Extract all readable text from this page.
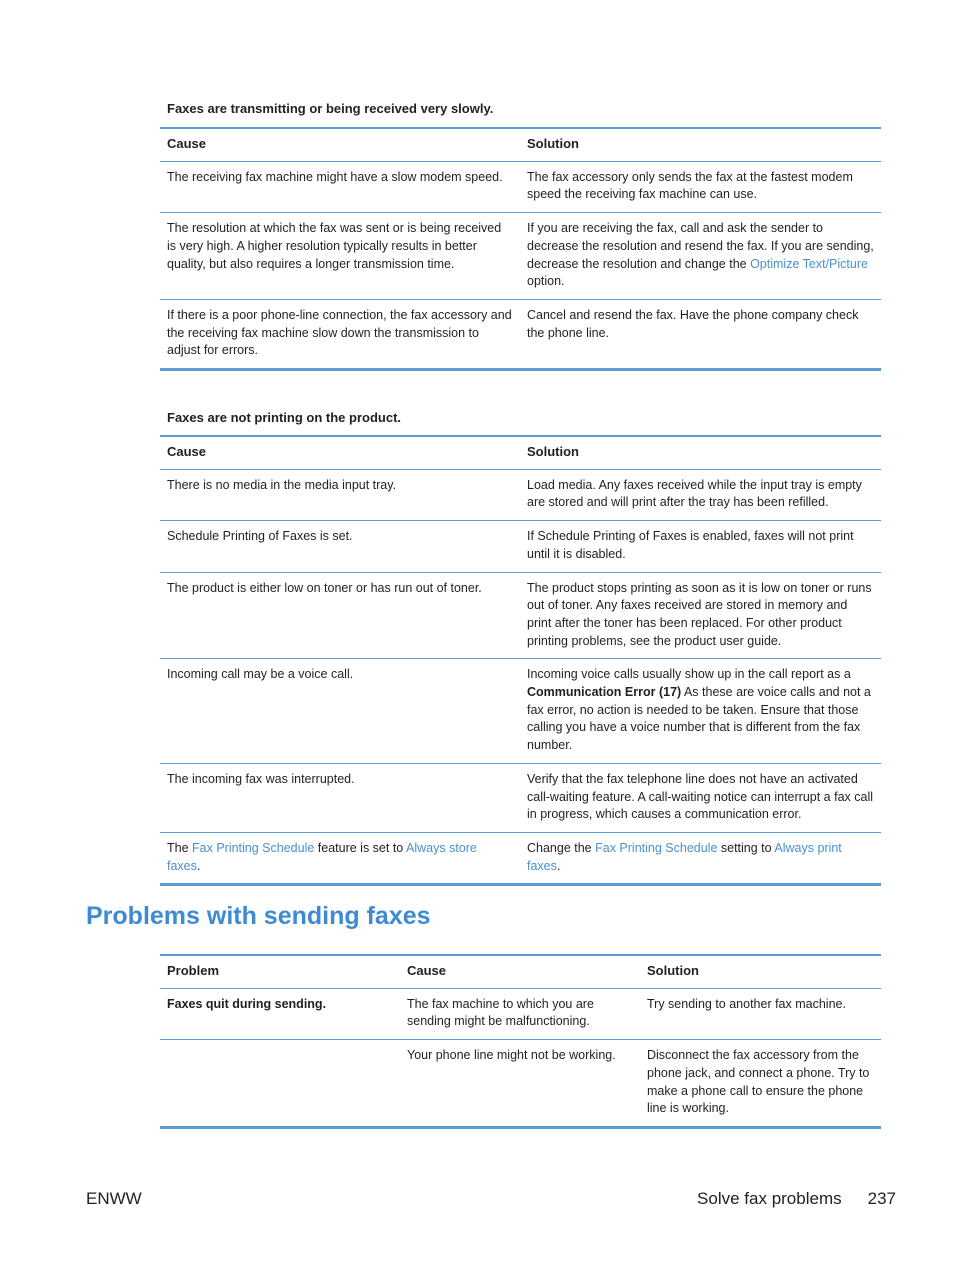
Faxes are transmitting or being received very slowly.
Cause	Solution
The receiving fax machine might have a slow modem speed.	The fax accessory only sends the fax at the fastest modem speed the receiving fax machine can use.
The resolution at which the fax was sent or is being received is very high. A higher resolution typically results in better quality, but also requires a longer transmission time.	If you are receiving the fax, call and ask the sender to decrease the resolution and resend the fax. If you are sending, decrease the resolution and change the Optimize Text/Picture option.
If there is a poor phone-line connection, the fax accessory and the receiving fax machine slow down the transmission to adjust for errors.	Cancel and resend the fax. Have the phone company check the phone line.
Faxes are not printing on the product.
Cause	Solution
There is no media in the media input tray.	Load media. Any faxes received while the input tray is empty are stored and will print after the tray has been refilled.
Schedule Printing of Faxes is set.	If Schedule Printing of Faxes is enabled, faxes will not print until it is disabled.
The product is either low on toner or has run out of toner.	The product stops printing as soon as it is low on toner or runs out of toner. Any faxes received are stored in memory and print after the toner has been replaced. For other product printing problems, see the product user guide.
Incoming call may be a voice call.	Incoming voice calls usually show up in the call report as a Communication Error (17) As these are voice calls and not a fax error, no action is needed to be taken. Ensure that those calling you have a voice number that is different from the fax number.
The incoming fax was interrupted.	Verify that the fax telephone line does not have an activated call-waiting feature. A call-waiting notice can interrupt a fax call in progress, which causes a communication error.
The Fax Printing Schedule feature is set to Always store faxes.	Change the Fax Printing Schedule setting to Always print faxes.
Problems with sending faxes
Problem	Cause	Solution
Faxes quit during sending.	The fax machine to which you are sending might be malfunctioning.	Try sending to another fax machine.
	Your phone line might not be working.	Disconnect the fax accessory from the phone jack, and connect a phone. Try to make a phone call to ensure the phone line is working.
ENWW	Solve fax problems 237
